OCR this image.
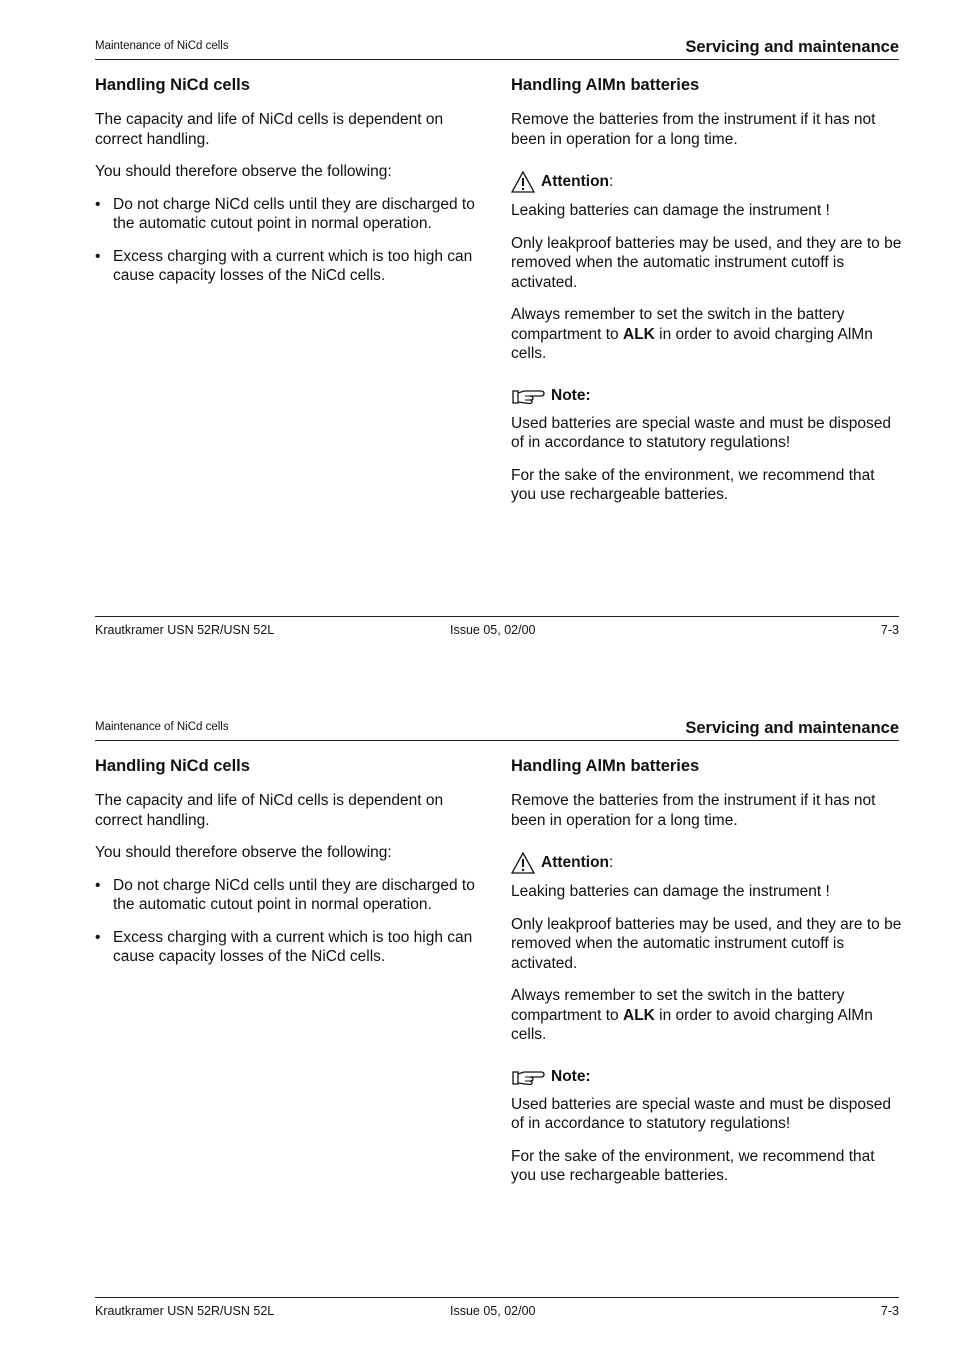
Maintenance of NiCd cells	Servicing and maintenance
Handling NiCd cells

The capacity and life of NiCd cells is dependent on correct handling.

You should therefore observe the following:

• Do not charge NiCd cells until they are discharged to the automatic cutout point in normal operation.
• Excess charging with a current which is too high can cause capacity losses of the NiCd cells.
Handling AlMn batteries

Remove the batteries from the instrument if it has not been in operation for a long time.

Attention :

Leaking batteries can damage the instrument !

Only leakproof batteries may be used, and they are to be removed when the automatic instrument cutoff is activated.

Always remember to set the switch in the battery compartment to ALK in order to avoid charging AlMn cells.

Note:

Used batteries are special waste and must be disposed of in accordance to statutory regulations!

For the sake of the environment, we recommend that you use rechargeable batteries.

Krautkramer USN 52R/USN 52L	Issue 05, 02/00	7-3
Maintenance of NiCd cells	Servicing and maintenance
Handling NiCd cells

The capacity and life of NiCd cells is dependent on correct handling.

You should therefore observe the following:

• Do not charge NiCd cells until they are discharged to the automatic cutout point in normal operation.
• Excess charging with a current which is too high can cause capacity losses of the NiCd cells.
Handling AlMn batteries

Remove the batteries from the instrument if it has not been in operation for a long time.

Attention :

Leaking batteries can damage the instrument !

Only leakproof batteries may be used, and they are to be removed when the automatic instrument cutoff is activated.

Always remember to set the switch in the battery compartment to ALK in order to avoid charging AlMn cells.

Note:

Used batteries are special waste and must be disposed of in accordance to statutory regulations!

For the sake of the environment, we recommend that you use rechargeable batteries.

Krautkramer USN 52R/USN 52L	Issue 05, 02/00	7-3
